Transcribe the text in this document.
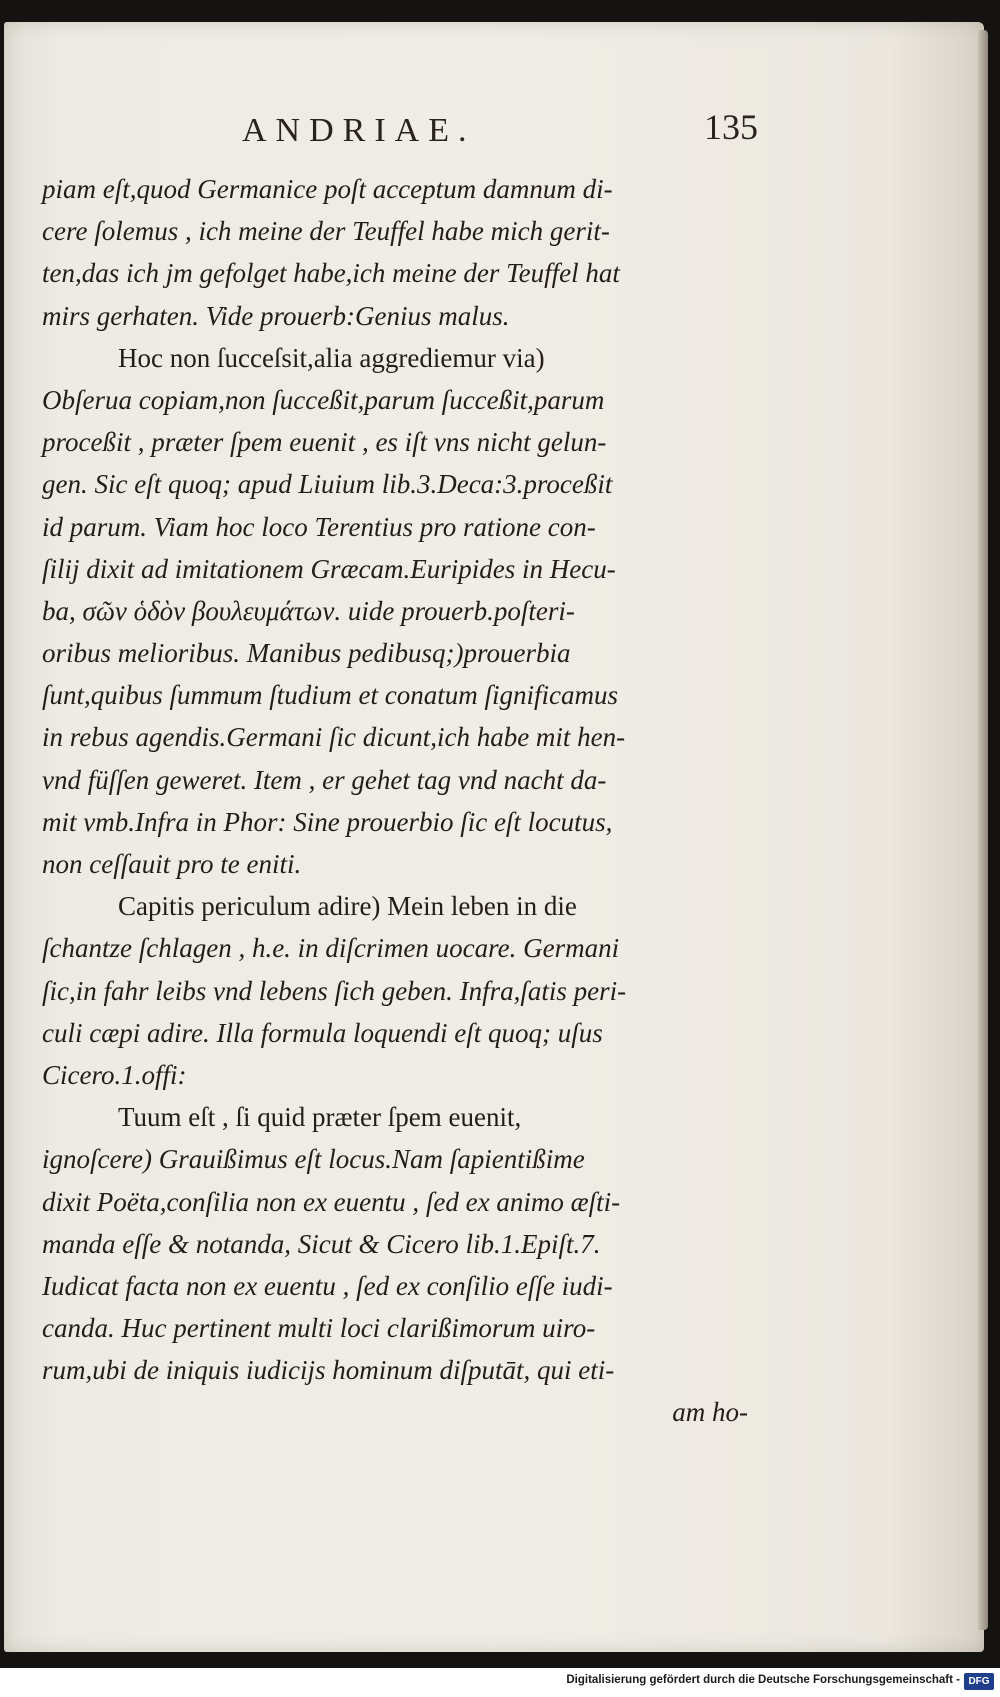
ANDRIAE.	135
piam eſt,quod Germanice poſt acceptum damnum di-
cere ſolemus , ich meine der Teuffel habe mich gerit-
ten,das ich jm gefolget habe,ich meine der Teuffel hat
mirs gerhaten. Vide prouerb:Genius malus.
Hoc non ſucceſsit,alia aggrediemur via)
Obſerua copiam,non ſucceßit,parum ſucceßit,parum
proceßit , præter ſpem euenit , es iſt vns nicht gelun-
gen. Sic eſt quoq; apud Liuium lib.3.Deca:3.proceßit
id parum. Viam hoc loco Terentius pro ratione con-
ſilij dixit ad imitationem Græcam.Euripides in Hecu-
ba, σῶν ὁδὸν βουλευμάτων. uide prouerb.poſteri-
oribus melioribus. Manibus pedibusq;)prouerbia
ſunt,quibus ſummum ſtudium et conatum ſignificamus
in rebus agendis.Germani ſic dicunt,ich habe mit hen-
vnd füſſen geweret. Item , er gehet tag vnd nacht da-
mit vmb.Infra in Phor: Sine prouerbio ſic eſt locutus,
non ceſſauit pro te eniti.
Capitis periculum adire) Mein leben in die
ſchantze ſchlagen , h.e. in diſcrimen uocare. Germani
ſic,in fahr leibs vnd lebens ſich geben. Infra,ſatis peri-
culi cæpi adire. Illa formula loquendi eſt quoq; uſus
Cicero.1.offi:
Tuum eſt , ſi quid præter ſpem euenit,
ignoſcere) Grauißimus eſt locus.Nam ſapientißime
dixit Poëta,conſilia non ex euentu , ſed ex animo æſti-
manda eſſe & notanda, Sicut & Cicero lib.1.Epiſt.7.
Iudicat facta non ex euentu , ſed ex conſilio eſſe iudi-
canda. Huc pertinent multi loci clarißimorum uiro-
rum,ubi de iniquis iudicijs hominum diſputāt, qui eti-
am ho-
Digitalisierung gefördert durch die Deutsche Forschungsgemeinschaft - DFG
